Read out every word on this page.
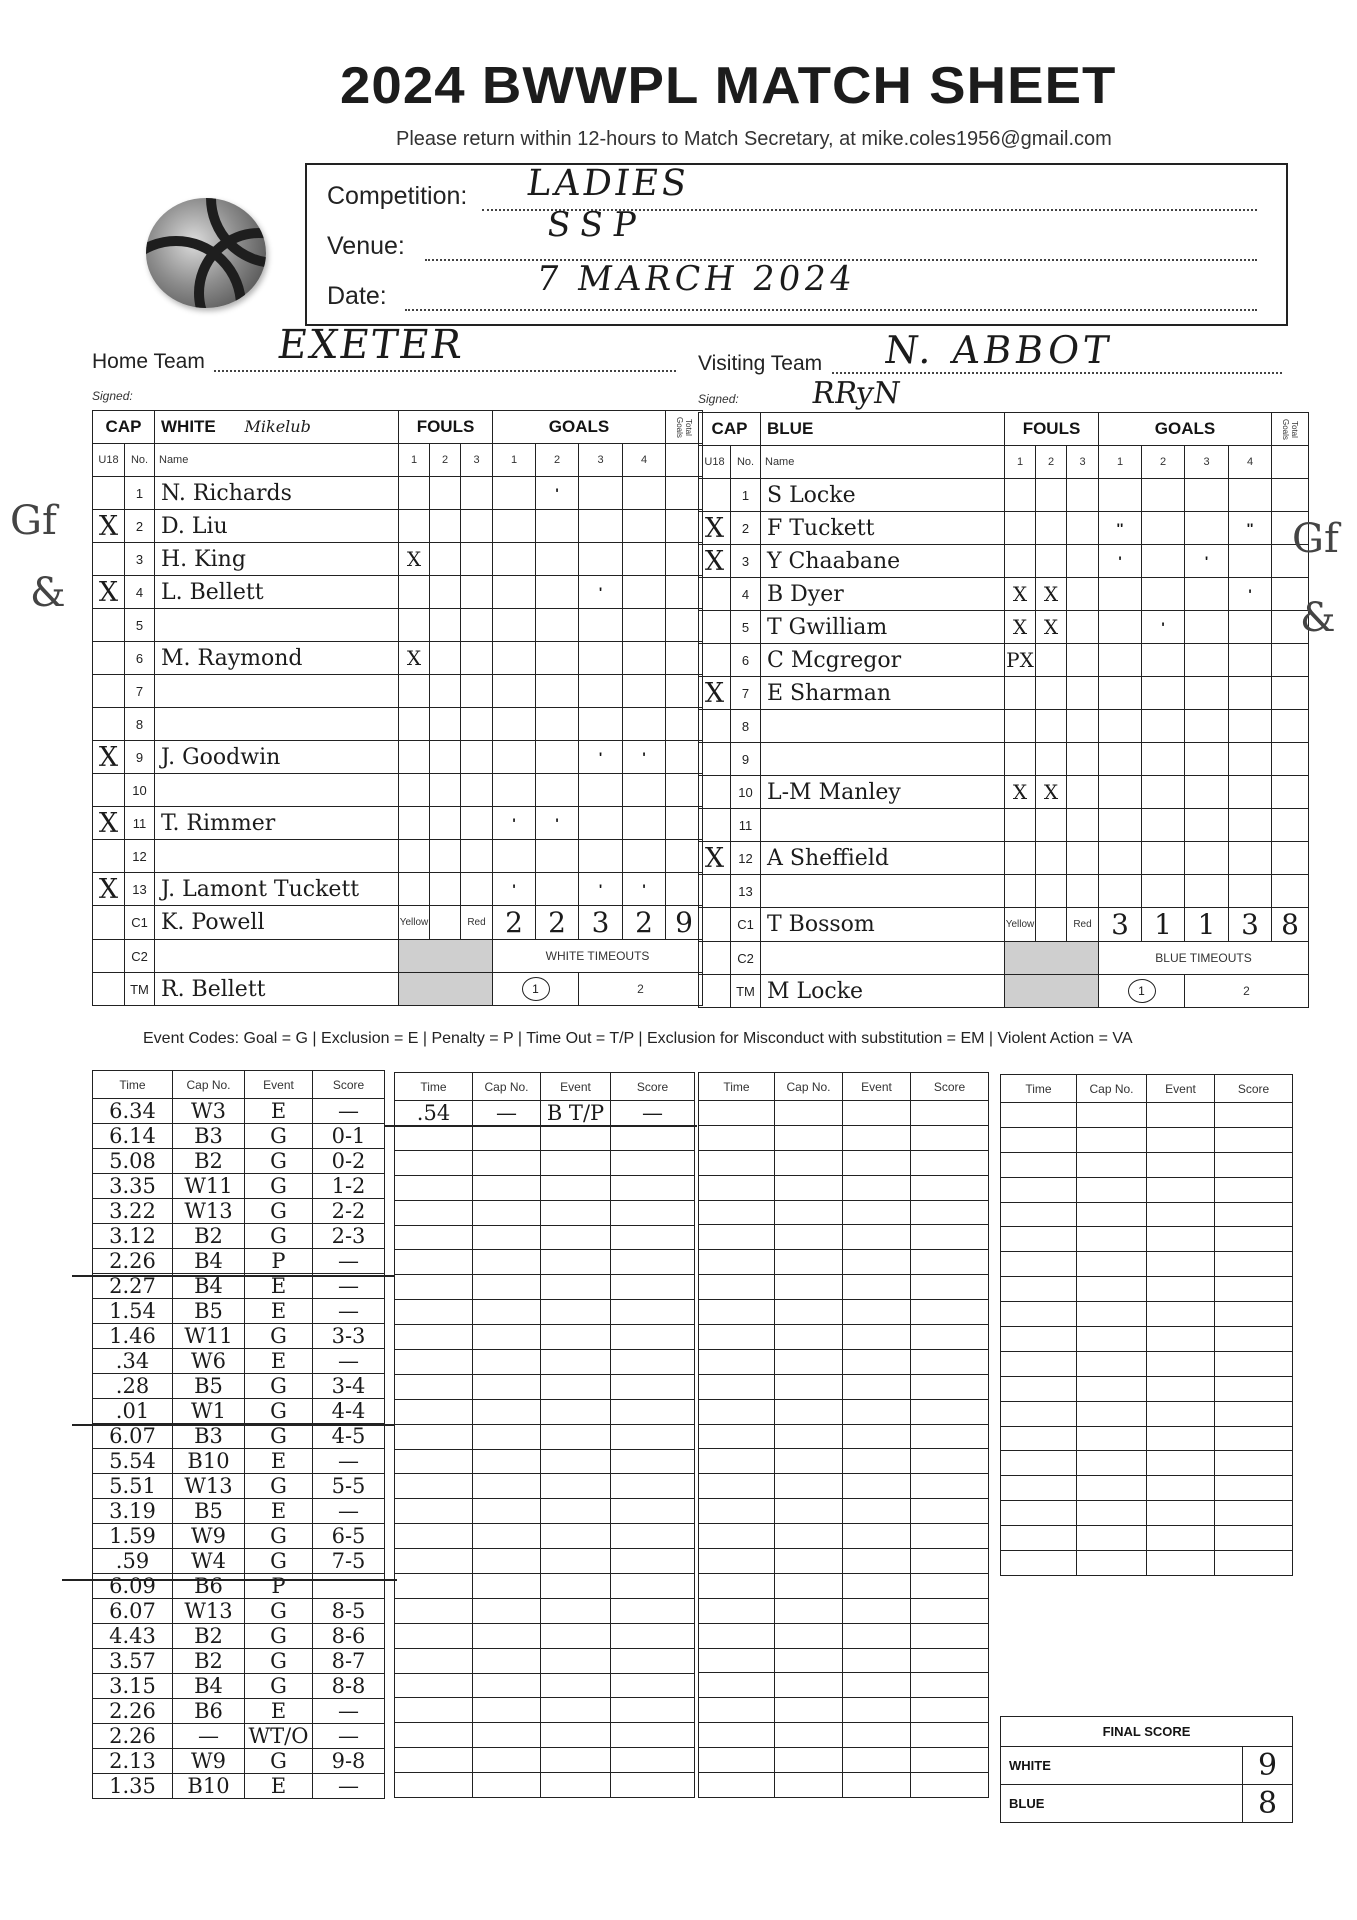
2024 BWWPL MATCH SHEET
Please return within 12-hours to Match Secretary, at mike.coles1956@gmail.com
Competition: LADIES
Venue:
SSP
Date:	7 MARCH 2024
Home Team EXETER
Signed:
Visiting Team N. ABBOT
Signed: RRyN
CAP		WHITE Mikelub	FOULS			GOALS				Total Goals
U18	No.	Name	1	2	3	1	2	3	4	
	1	N. Richards					'			
X	2	D. Liu								
	3	H. King	X							
X	4	L. Bellett						'		
	5									
	6	M. Raymond	X							
	7									
	8									
X	9	J. Goodwin						'	'	
	10									
X	11	T. Rimmer				'	'			
	12									
X	13	J. Lamont Tuckett				'		'	'	
	C1	K. Powell	Yellow		Red	2	2	3	2	9
	C2					WHITE TIMEOUTS				
	TM	R. Bellett				1		2		
CAP		BLUE	FOULS			GOALS				Total Goals
U18	No.	Name	1	2	3	1	2	3	4	
	1	S Locke								
X	2	F Tuckett				''			''	
X	3	Y Chaabane				'		'		
	4	B Dyer	X	X					'	
	5	T Gwilliam	X	X			'			
	6	C Mcgregor	PX							
X	7	E Sharman								
	8									
	9									
	10	L-M Manley	X	X						
	11									
X	12	A Sheffield								
	13									
	C1	T Bossom	Yellow		Red	3	1	1	3	8
	C2					BLUE TIMEOUTS				
	TM	M Locke				1		2		
Gf
&
Gf
&
Event Codes: Goal = G | Exclusion = E | Penalty = P | Time Out = T/P | Exclusion for Misconduct with substitution = EM | Violent Action = VA
Time	Cap No.	Event	Score
6.34	W3	E	—
6.14	B3	G	0-1
5.08	B2	G	0-2
3.35	W11	G	1-2
3.22	W13	G	2-2
3.12	B2	G	2-3
2.26	B4	P	—
2.27	B4	E	—
1.54	B5	E	—
1.46	W11	G	3-3
.34	W6	E	—
.28	B5	G	3-4
.01	W1	G	4-4
6.07	B3	G	4-5
5.54	B10	E	—
5.51	W13	G	5-5
3.19	B5	E	—
1.59	W9	G	6-5
.59	W4	G	7-5
6.09	B6	P	
6.07	W13	G	8-5
4.43	B2	G	8-6
3.57	B2	G	8-7
3.15	B4	G	8-8
2.26	B6	E	—
2.26	—	WT/O	—
2.13	W9	G	9-8
1.35	B10	E	—
Time	Cap No.	Event	Score
.54	—	B T/P	—

Time	Cap No.	Event	Score

				Time	Cap No.	Event	Score

FINAL SCORE	
WHITE	9
BLUE	8
